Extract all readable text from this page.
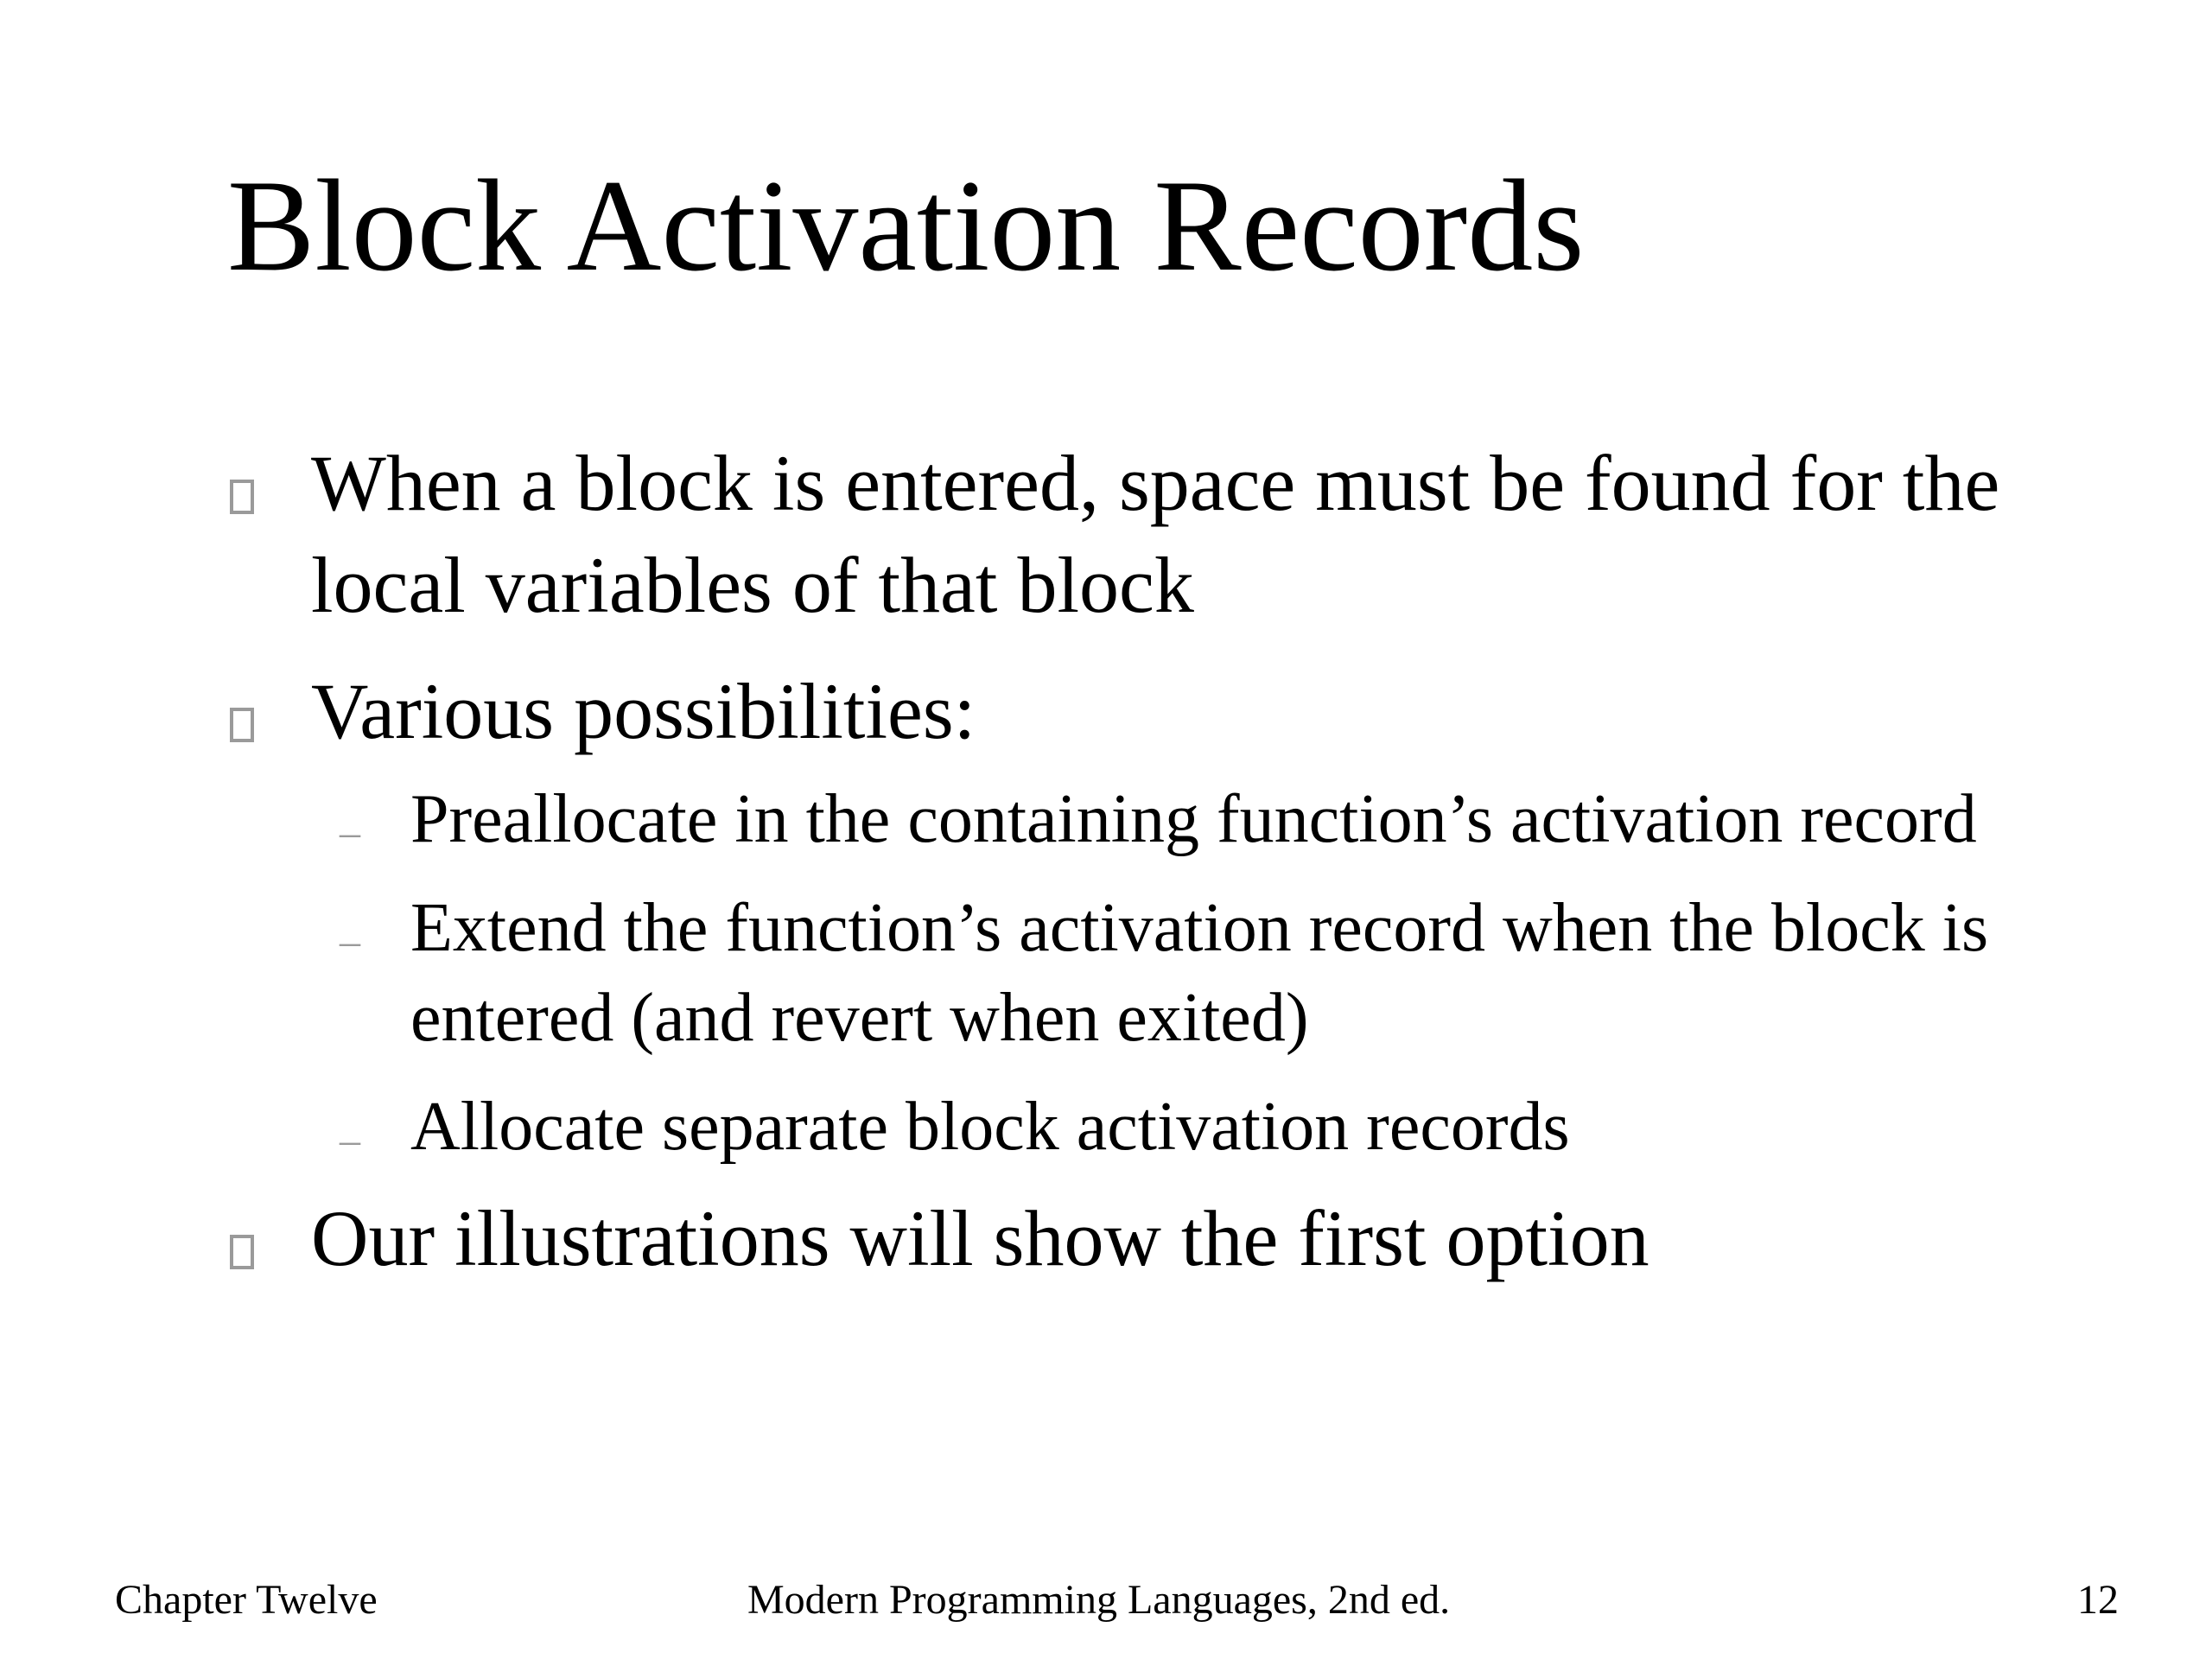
Block Activation Records
When a block is entered, space must be found for the local variables of that block
Various possibilities:
– Preallocate in the containing function’s activation record
– Extend the function’s activation record when the block is entered (and revert when exited)
– Allocate separate block activation records
Our illustrations will show the first option
Chapter Twelve	Modern Programming Languages, 2nd ed.	12
